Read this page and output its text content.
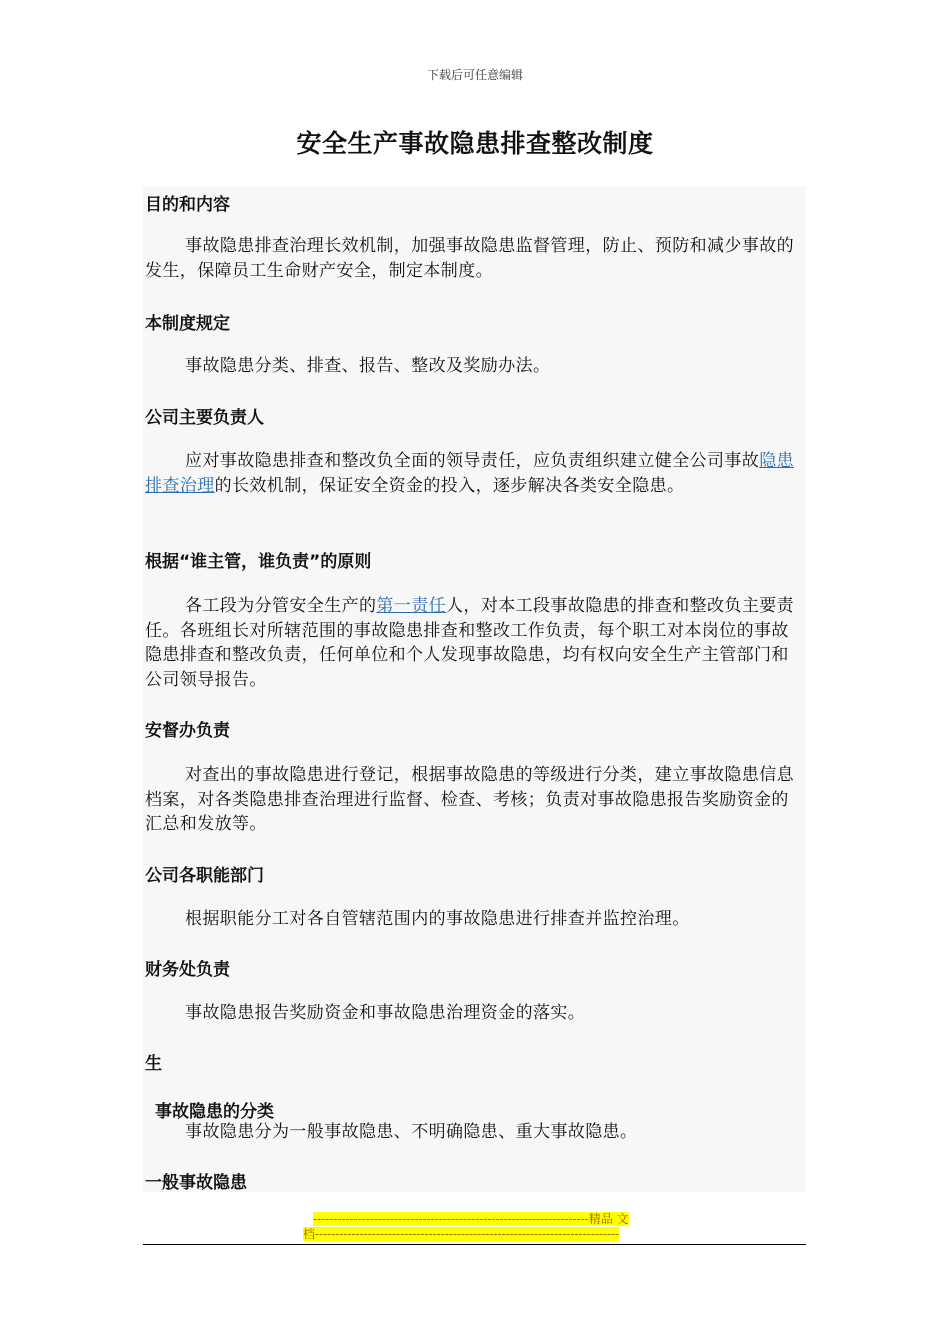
下载后可任意编辑
安全生产事故隐患排查整改制度
目的和内容
事故隐患排查治理长效机制，加强事故隐患监督管理，防止、预防和减少事故的发生，保障员工生命财产安全，制定本制度。
本制度规定
事故隐患分类、排查、报告、整改及奖励办法。
公司主要负责人
应对事故隐患排查和整改负全面的领导责任，应负责组织建立健全公司事故隐患排查治理的长效机制，保证安全资金的投入，逐步解决各类安全隐患。
根据“谁主管，谁负责”的原则
各工段为分管安全生产的第一责任人，对本工段事故隐患的排查和整改负主要责任。各班组长对所辖范围的事故隐患排查和整改工作负责，每个职工对本岗位的事故隐患排查和整改负责，任何单位和个人发现事故隐患，均有权向安全生产主管部门和公司领导报告。
安督办负责
对查出的事故隐患进行登记，根据事故隐患的等级进行分类，建立事故隐患信息档案，对各类隐患排查治理进行监督、检查、考核；负责对事故隐患报告奖励资金的汇总和发放等。
公司各职能部门
根据职能分工对各自管辖范围内的事故隐患进行排查并监控治理。
财务处负责
事故隐患报告奖励资金和事故隐患治理资金的落实。
生
事故隐患的分类
事故隐患分为一般事故隐患、不明确隐患、重大事故隐患。
一般事故隐患
--------------------------------------------------------------------精品 文
档---------------------------------------------------------------------------
